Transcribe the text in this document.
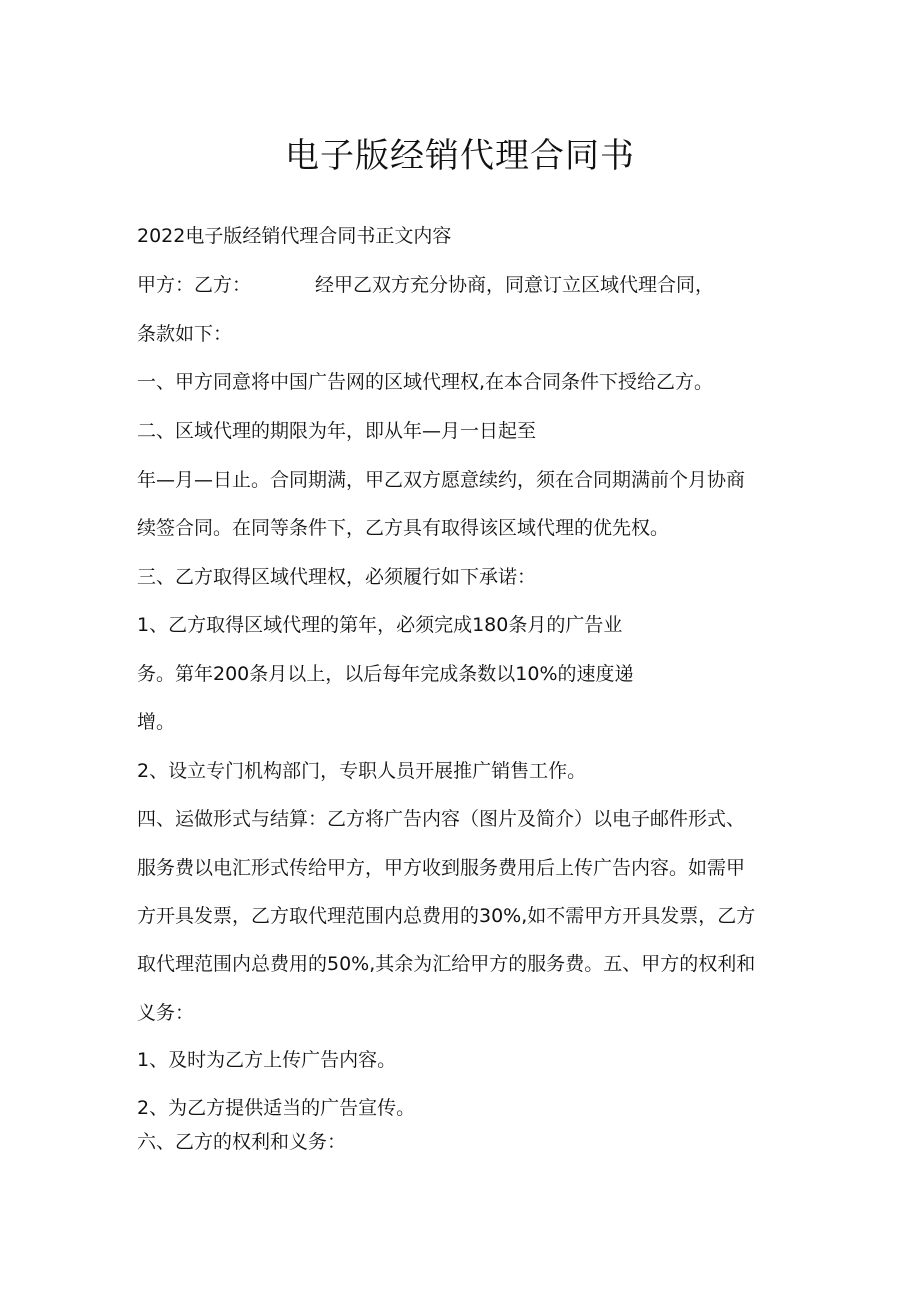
电子版经销代理合同书

2022电子版经销代理合同书正文内容

甲方：乙方：	经甲乙双方充分协商，同意订立区域代理合同，

条款如下：

一、甲方同意将中国广告网的区域代理权,在本合同条件下授给乙方。

二、区域代理的期限为年，即从年—月一日起至

年—月—日止。合同期满，甲乙双方愿意续约，须在合同期满前个月协商

续签合同。在同等条件下，乙方具有取得该区域代理的优先权。

三、乙方取得区域代理权，必须履行如下承诺：

1、乙方取得区域代理的第年，必须完成180条月的广告业

务。第年200条月以上，以后每年完成条数以10%的速度递

增。

2、设立专门机构部门，专职人员开展推广销售工作。

四、运做形式与结算：乙方将广告内容（图片及简介）以电子邮件形式、

服务费以电汇形式传给甲方，甲方收到服务费用后上传广告内容。如需甲

方开具发票，乙方取代理范围内总费用的30%,如不需甲方开具发票，乙方

取代理范围内总费用的50%,其余为汇给甲方的服务费。五、甲方的权利和

义务：

1、及时为乙方上传广告内容。

2、为乙方提供适当的广告宣传。

六、乙方的权利和义务：
